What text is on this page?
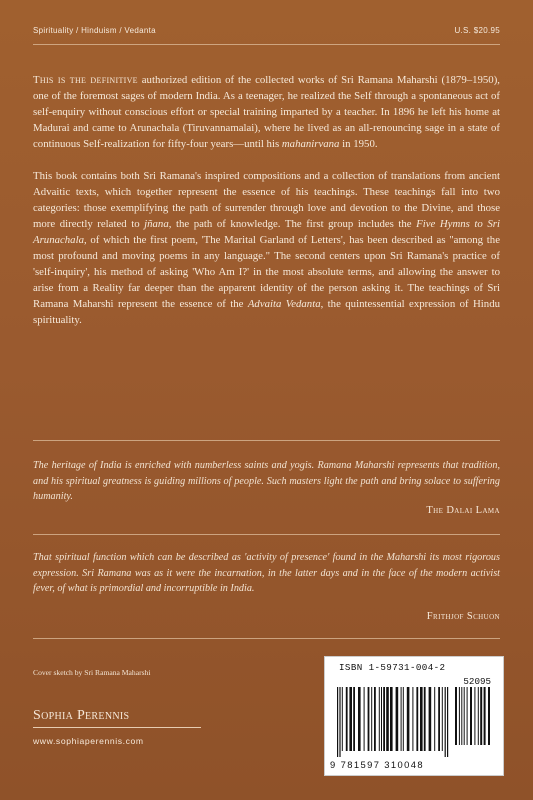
Spirituality / Hinduism / Vedanta	U.S. $20.95

This is the definitive authorized edition of the collected works of Sri Ramana Maharshi (1879–1950), one of the foremost sages of modern India. As a teenager, he realized the Self through a spontaneous act of self-enquiry without conscious effort or special training imparted by a teacher. In 1896 he left his home at Madurai and came to Arunachala (Tiruvannamalai), where he lived as an all-renouncing sage in a state of continuous Self-realization for fifty-four years—until his mahanirvana in 1950.

This book contains both Sri Ramana's inspired compositions and a collection of translations from ancient Advaitic texts, which together represent the essence of his teachings. These teachings fall into two categories: those exemplifying the path of surrender through love and devotion to the Divine, and those more directly related to jñana, the path of knowledge. The first group includes the Five Hymns to Sri Arunachala, of which the first poem, 'The Marital Garland of Letters', has been described as "among the most profound and moving poems in any language." The second centers upon Sri Ramana's practice of 'self-inquiry', his method of asking 'Who Am I?' in the most absolute terms, and allowing the answer to arise from a Reality far deeper than the apparent identity of the person asking it. The teachings of Sri Ramana Maharshi represent the essence of the Advaita Vedanta, the quintessential expression of Hindu spirituality.

The heritage of India is enriched with numberless saints and yogis. Ramana Maharshi represents that tradition, and his spiritual greatness is guiding millions of people. Such masters light the path and bring solace to suffering humanity.
The Dalai Lama
That spiritual function which can be described as 'activity of presence' found in the Maharshi its most rigorous expression. Sri Ramana was as it were the incarnation, in the latter days and in the face of the modern activist fever, of what is primordial and incorruptible in India.
Frithjof Schuon
Cover sketch by Sri Ramana Maharshi
Sophia Perennis
www.sophiaperennis.com
ISBN 1-59731-004-2
52095
9 781597 310048
